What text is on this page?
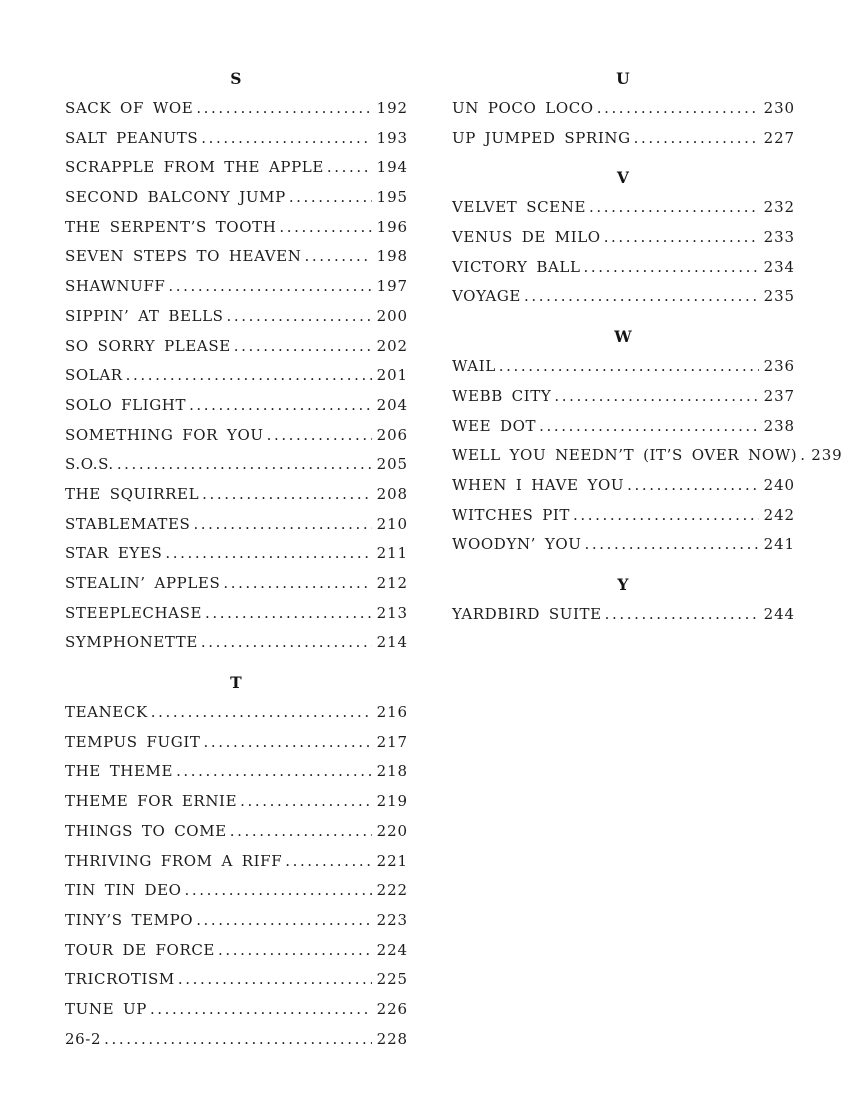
S
SACK OF WOE .....	192
SALT PEANUTS .....	193
SCRAPPLE FROM THE APPLE .....	194
SECOND BALCONY JUMP .....	195
THE SERPENT’S TOOTH .....	196
SEVEN STEPS TO HEAVEN .....	198
SHAWNUFF .....	197
SIPPIN’ AT BELLS .....	200
SO SORRY PLEASE .....	202
SOLAR .....	201
SOLO FLIGHT .....	204
SOMETHING FOR YOU .....	206
S.O.S. .....	205
THE SQUIRREL .....	208
STABLEMATES .....	210
STAR EYES .....	211
STEALIN’ APPLES .....	212
STEEPLECHASE .....	213
SYMPHONETTE .....	214
T
TEANECK .....	216
TEMPUS FUGIT .....	217
THE THEME .....	218
THEME FOR ERNIE .....	219
THINGS TO COME .....	220
THRIVING FROM A RIFF .....	221
TIN TIN DEO .....	222
TINY’S TEMPO .....	223
TOUR DE FORCE .....	224
TRICROTISM .....	225
TUNE UP .....	226
26-2 .....	228
U
UN POCO LOCO .....	230
UP JUMPED SPRING .....	227
V
VELVET SCENE .....	232
VENUS DE MILO .....	233
VICTORY BALL .....	234
VOYAGE .....	235
W
WAIL .....	236
WEBB CITY .....	237
WEE DOT .....	238
WELL YOU NEEDN’T (IT’S OVER NOW) ..... 239
WHEN I HAVE YOU .....	240
WITCHES PIT .....	242
WOODYN’ YOU .....	241
Y
YARDBIRD SUITE .....	244
